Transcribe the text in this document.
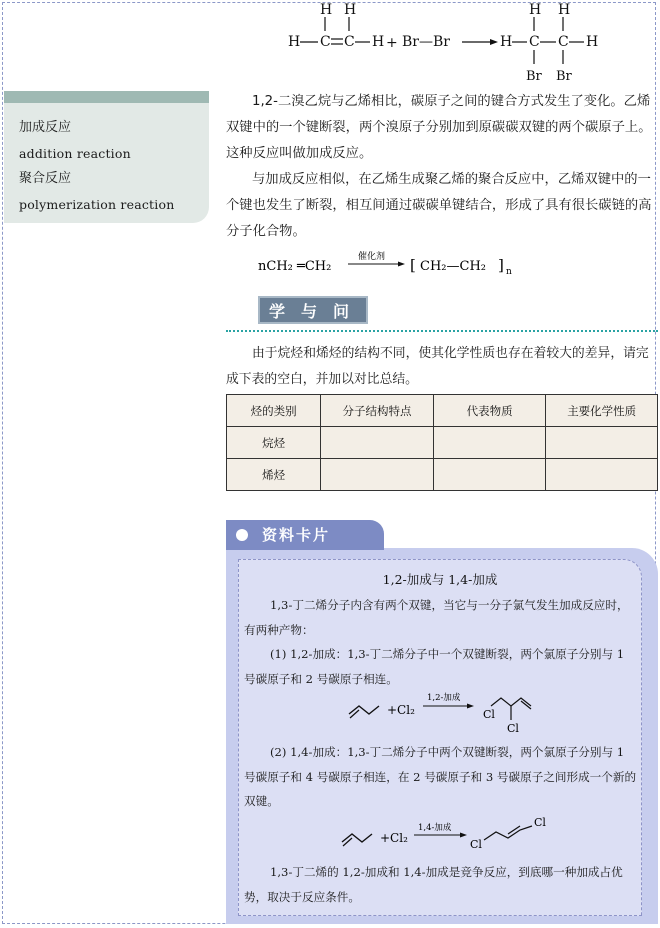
H H
H C C H + Br—Br
H H
H C C H
Br Br
加成反应
addition reaction
聚合反应
polymerization reaction
1,2-二溴乙烷与乙烯相比，碳原子之间的键合方式发生了变化。乙烯双键中的一个键断裂，两个溴原子分别加到原碳碳双键的两个碳原子上。这种反应叫做加成反应。
与加成反应相似，在乙烯生成聚乙烯的聚合反应中，乙烯双键中的一个键也发生了断裂，相互间通过碳碳单键结合，形成了具有很长碳链的高分子化合物。
nCH₂ ═CH₂
催化剂 [ CH₂—CH₂ ] n
学与问
由于烷烃和烯烃的结构不同，使其化学性质也存在着较大的差异，请完成下表的空白，并加以对比总结。
烃的类别	分子结构特点	代表物质	主要化学性质
烷烃			
烯烃			
资料卡片
1,2-加成与 1,4-加成
1,3-丁二烯分子内含有两个双键，当它与一分子氯气发生加成反应时，有两种产物：
(1) 1,2-加成：1,3-丁二烯分子中一个双键断裂，两个氯原子分别与 1 号碳原子和 2 号碳原子相连。
+Cl₂
1,2-加成
Cl
Cl
(2) 1,4-加成：1,3-丁二烯分子中两个双键断裂，两个氯原子分别与 1 号碳原子和 4 号碳原子相连，在 2 号碳原子和 3 号碳原子之间形成一个新的双键。
+Cl₂
1,4-加成
Cl
Cl
1,3-丁二烯的 1,2-加成和 1,4-加成是竞争反应，到底哪一种加成占优势，取决于反应条件。
